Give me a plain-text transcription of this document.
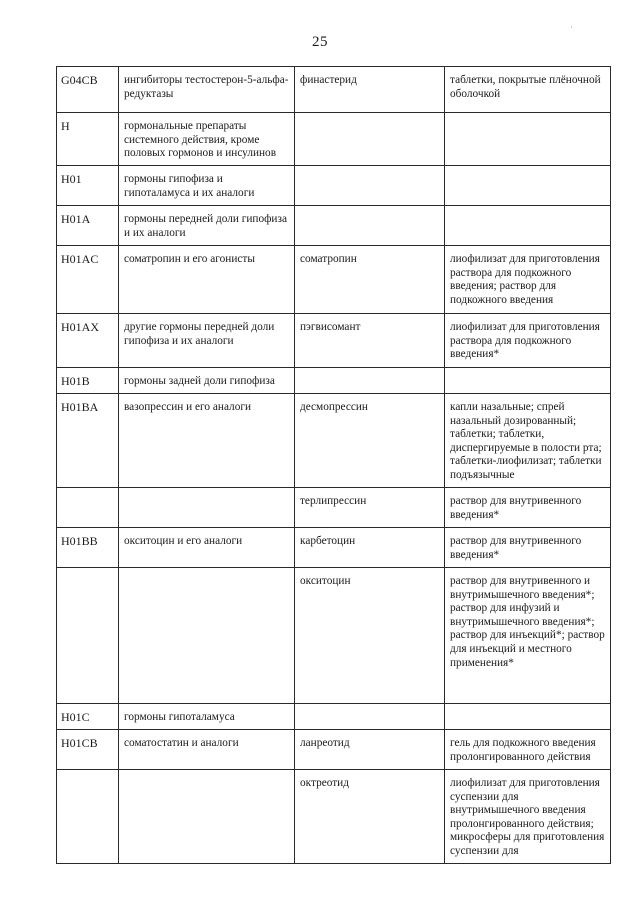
25
·
G04CB	ингибиторы тестостерон-5-альфа-редуктазы	финастерид	таблетки, покрытые плёночной оболочкой
H	гормональные препараты системного действия, кроме половых гормонов и инсулинов		
H01	гормоны гипофиза и гипоталамуса и их аналоги		
H01A	гормоны передней доли гипофиза и их аналоги		
H01AC	соматропин и его агонисты	соматропин	лиофилизат для приготовления раствора для подкожного введения; раствор для подкожного введения
H01AX	другие гормоны передней доли гипофиза и их аналоги	пэгвисомант	лиофилизат для приготовления раствора для подкожного введения*
H01B	гормоны задней доли гипофиза		
H01BA	вазопрессин и его аналоги	десмопрессин	капли назальные; спрей назальный дозированный; таблетки; таблетки, диспергируемые в полости рта; таблетки-лиофилизат; таблетки подъязычные
		терлипрессин	раствор для внутривенного введения*
H01BB	окситоцин и его аналоги	карбетоцин	раствор для внутривенного введения*
		окситоцин	раствор для внутривенного и внутримышечного введения*; раствор для инфузий и внутримышечного введения*; раствор для инъекций*; раствор для инъекций и местного применения*
H01C	гормоны гипоталамуса		
H01CB	соматостатин и аналоги	ланреотид	гель для подкожного введения пролонгированного действия
		октреотид	лиофилизат для приготовления суспензии для внутримышечного введения пролонгированного действия; микросферы для приготовления суспензии для
